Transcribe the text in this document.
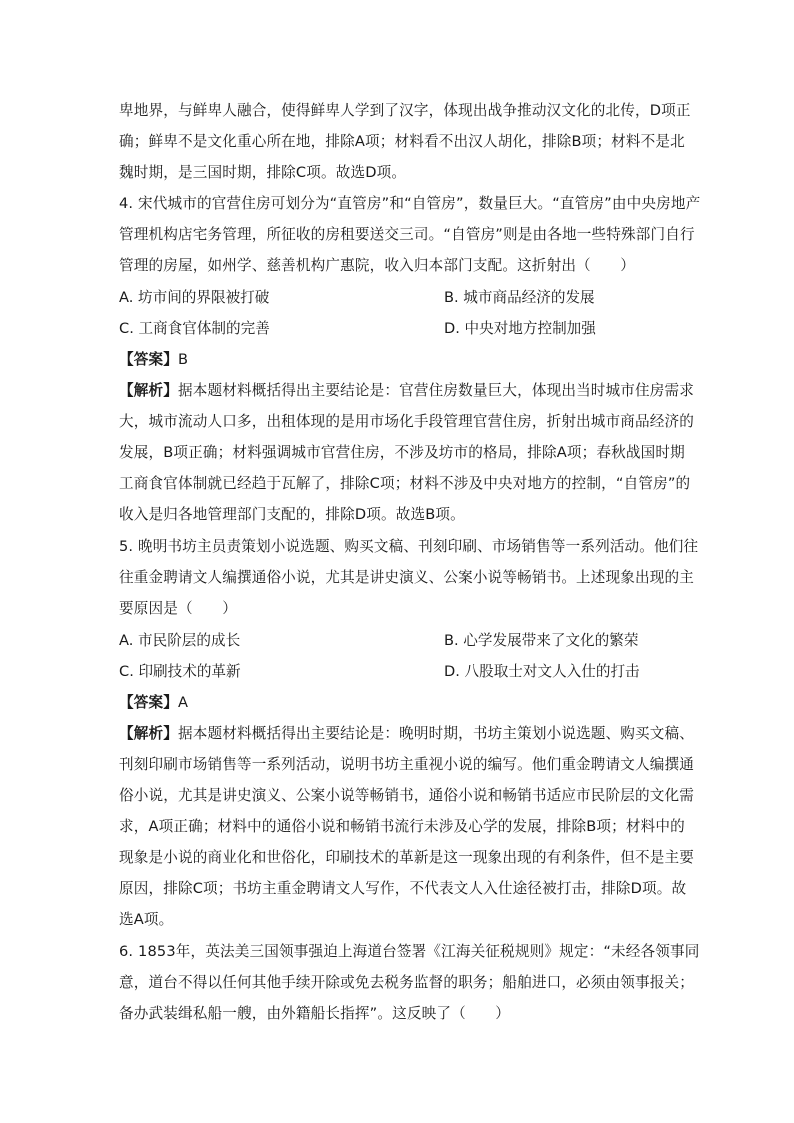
卑地界，与鲜卑人融合，使得鲜卑人学到了汉字，体现出战争推动汉文化的北传，D项正
确；鲜卑不是文化重心所在地，排除A项；材料看不出汉人胡化，排除B项；材料不是北
魏时期，是三国时期，排除C项。故选D项。
4. 宋代城市的官营住房可划分为“直管房”和“自管房”，数量巨大。“直管房”由中央房地产
管理机构店宅务管理，所征收的房租要送交三司。“自管房”则是由各地一些特殊部门自行
管理的房屋，如州学、慈善机构广惠院，收入归本部门支配。这折射出（　　）
A. 坊市间的界限被打破	B. 城市商品经济的发展
C. 工商食官体制的完善	D. 中央对地方控制加强
【答案】B
【解析】据本题材料概括得出主要结论是：官营住房数量巨大，体现出当时城市住房需求
大，城市流动人口多，出租体现的是用市场化手段管理官营住房，折射出城市商品经济的
发展，B项正确；材料强调城市官营住房，不涉及坊市的格局，排除A项；春秋战国时期
工商食官体制就已经趋于瓦解了，排除C项；材料不涉及中央对地方的控制，“自管房”的
收入是归各地管理部门支配的，排除D项。故选B项。
5. 晚明书坊主员责策划小说选题、购买文稿、刊刻印刷、市场销售等一系列活动。他们往
往重金聘请文人编撰通俗小说，尤其是讲史演义、公案小说等畅销书。上述现象出现的主
要原因是（　　）
A. 市民阶层的成长	B. 心学发展带来了文化的繁荣
C. 印刷技术的革新	D. 八股取士对文人入仕的打击
【答案】A
【解析】据本题材料概括得出主要结论是：晚明时期，书坊主策划小说选题、购买文稿、
刊刻印刷市场销售等一系列活动，说明书坊主重视小说的编写。他们重金聘请文人编撰通
俗小说，尤其是讲史演义、公案小说等畅销书，通俗小说和畅销书适应市民阶层的文化需
求，A项正确；材料中的通俗小说和畅销书流行未涉及心学的发展，排除B项；材料中的
现象是小说的商业化和世俗化，印刷技术的革新是这一现象出现的有利条件，但不是主要
原因，排除C项；书坊主重金聘请文人写作，不代表文人入仕途径被打击，排除D项。故
选A项。
6. 1853年，英法美三国领事强迫上海道台签署《江海关征税规则》规定：“未经各领事同
意，道台不得以任何其他手续开除或免去税务监督的职务；船舶进口，必须由领事报关；
备办武装缉私船一艘，由外籍船长指挥”。这反映了（　　）
